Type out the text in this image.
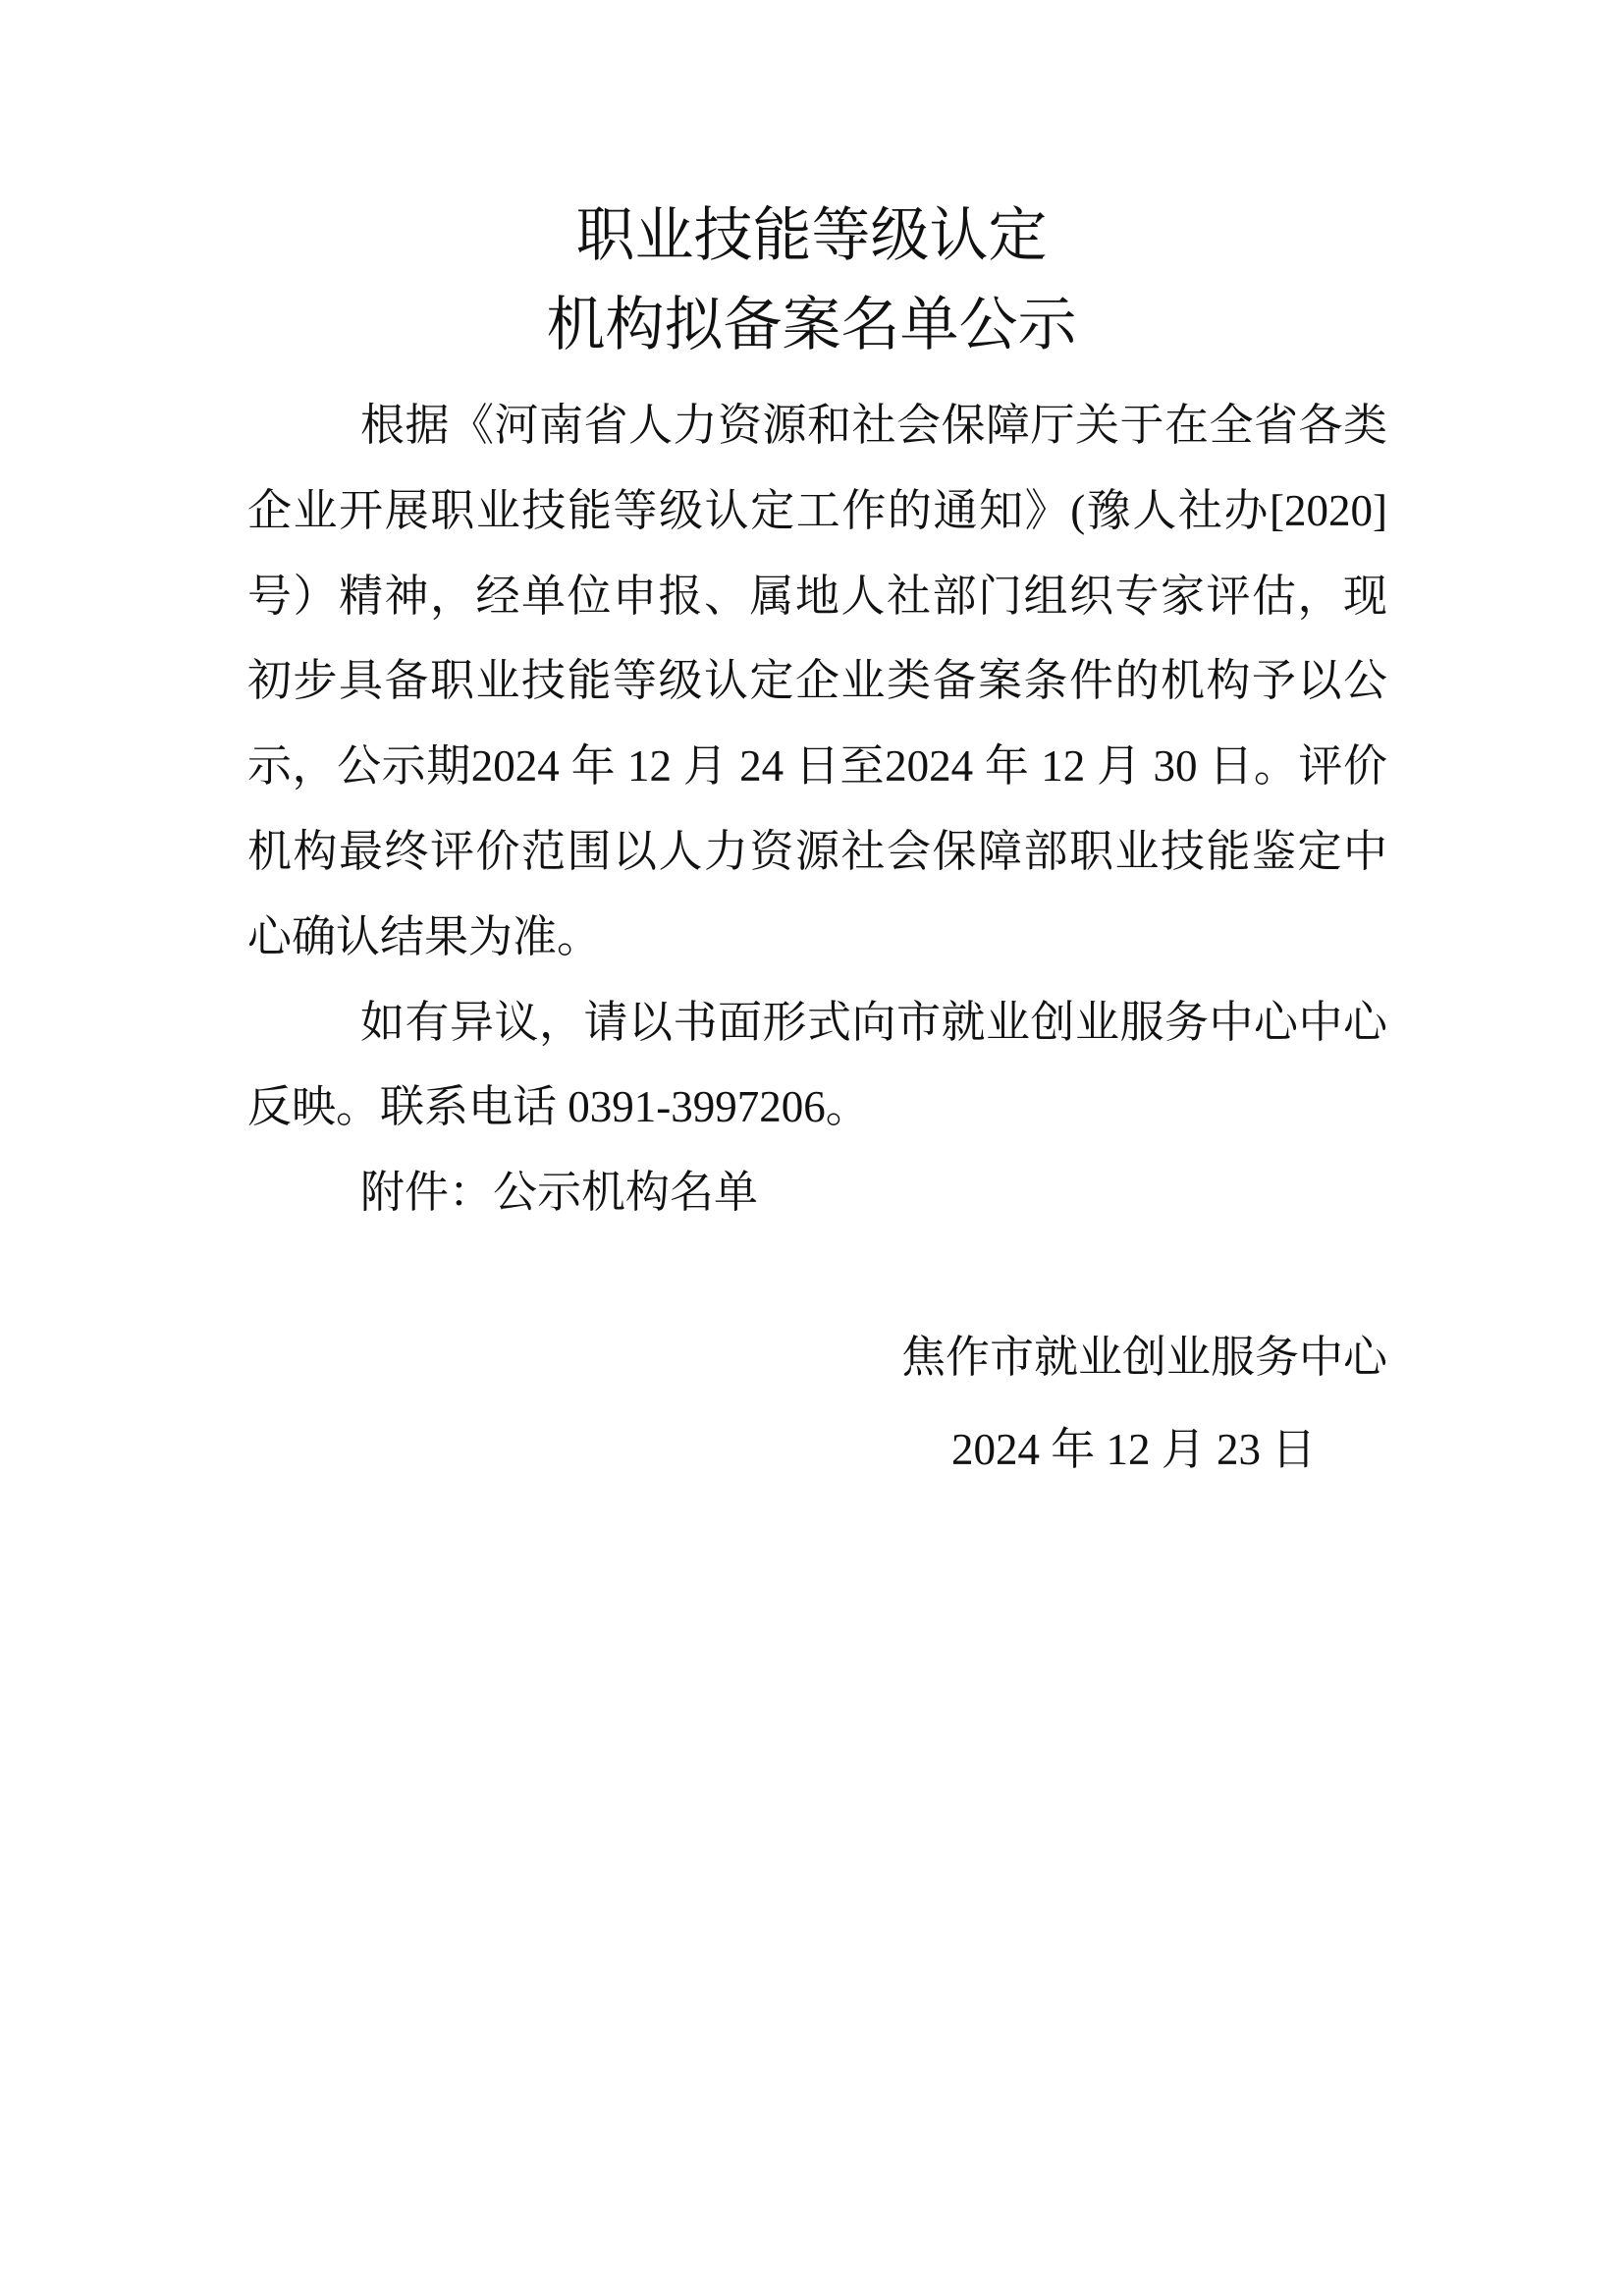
职业技能等级认定
机构拟备案名单公示
根据《河南省人力资源和社会保障厅关于在全省各类
企业开展职业技能等级认定工作的通知》(豫人社办[2020]
号）精神，经单位申报、属地人社部门组织专家评估，现
初步具备职业技能等级认定企业类备案条件的机构予以公
示，公示期2024 年 12 月 24 日至2024 年 12 月 30 日。评价
机构最终评价范围以人力资源社会保障部职业技能鉴定中
心确认结果为准。
如有异议，请以书面形式向市就业创业服务中心中心
反映。联系电话 0391-3997206。
附件：公示机构名单
焦作市就业创业服务中心
2024 年 12 月 23 日
